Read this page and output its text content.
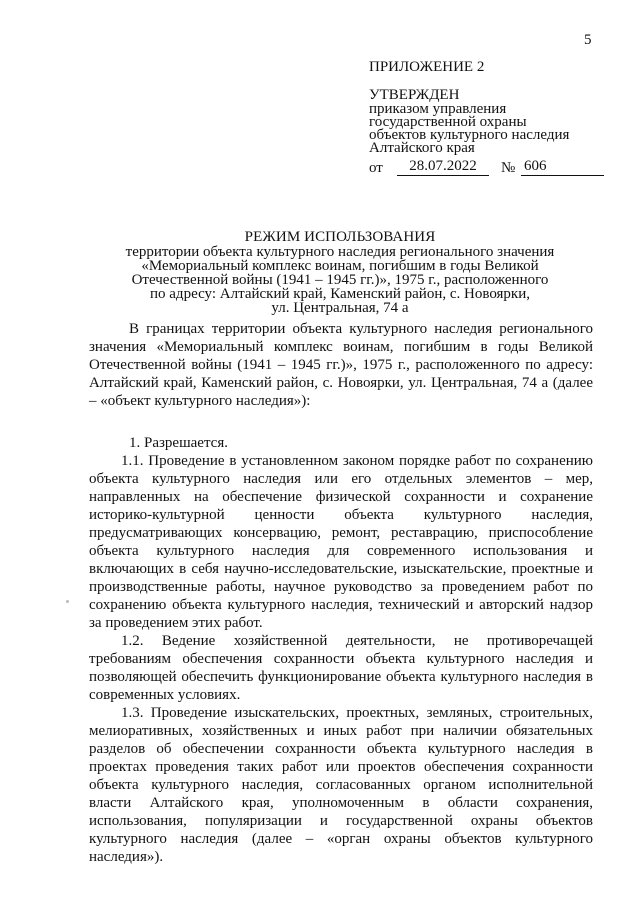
5
ПРИЛОЖЕНИЕ 2
УТВЕРЖДЕН
приказом управления
государственной охраны
объектов культурного наследия
Алтайского края
от	28.07.2022	№ 606
РЕЖИМ ИСПОЛЬЗОВАНИЯ
территории объекта культурного наследия регионального значения
«Мемориальный комплекс воинам, погибшим в годы Великой
Отечественной войны (1941 – 1945 гг.)», 1975 г., расположенного
по адресу: Алтайский край, Каменский район, с. Новоярки,
ул. Центральная, 74 а

В границах территории объекта культурного наследия регионального значения «Мемориальный комплекс воинам, погибшим в годы Великой Отечественной войны (1941 – 1945 гг.)», 1975 г., расположенного по адресу: Алтайский край, Каменский район, с. Новоярки, ул. Центральная, 74 а (далее – «объект культурного наследия»):

1. Разрешается.

1.1. Проведение в установленном законом порядке работ по сохранению объекта культурного наследия или его отдельных элементов – мер, направленных на обеспечение физической сохранности и сохранение историко-культурной ценности объекта культурного наследия, предусматривающих консервацию, ремонт, реставрацию, приспособление объекта культурного наследия для современного использования и включающих в себя научно-исследовательские, изыскательские, проектные и производственные работы, научное руководство за проведением работ по сохранению объекта культурного наследия, технический и авторский надзор за проведением этих работ.

1.2. Ведение хозяйственной деятельности, не противоречащей требованиям обеспечения сохранности объекта культурного наследия и позволяющей обеспечить функционирование объекта культурного наследия в современных условиях.

1.3. Проведение изыскательских, проектных, земляных, строительных, мелиоративных, хозяйственных и иных работ при наличии обязательных разделов об обеспечении сохранности объекта культурного наследия в проектах проведения таких работ или проектов обеспечения сохранности объекта культурного наследия, согласованных органом исполнительной власти Алтайского края, уполномоченным в области сохранения, использования, популяризации и государственной охраны объектов культурного наследия (далее – «орган охраны объектов культурного наследия»).
